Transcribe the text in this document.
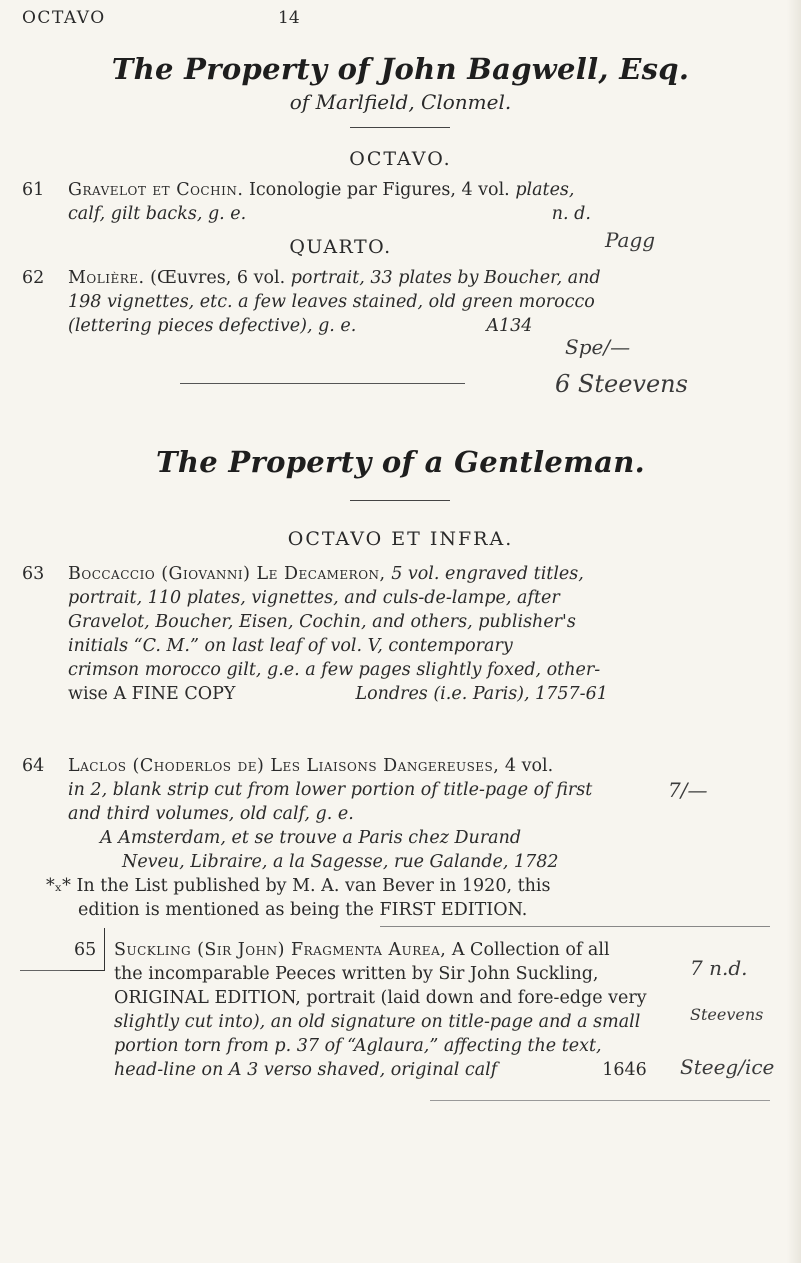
OCTAVO	14
The Property of John Bagwell, Esq.
of Marlfield, Clonmel.
OCTAVO.
61	Gravelot et Cochin. Iconologie par Figures, 4 vol. plates,
calf, gilt backs, g. e.	n. d.
QUARTO.	Pagg
62	Molière. (Œuvres, 6 vol. portrait, 33 plates by Boucher, and
198 vignettes, etc. a few leaves stained, old green morocco
(lettering pieces defective), g. e.	A134
Spe/—
6 Steevens
The Property of a Gentleman.
OCTAVO ET INFRA.
63	Boccaccio (Giovanni) Le Decameron, 5 vol. engraved titles,
portrait, 110 plates, vignettes, and culs-de-lampe, after
Gravelot, Boucher, Eisen, Cochin, and others, publisher's
initials “C. M.” on last leaf of vol. V, contemporary
crimson morocco gilt, g.e. a few pages slightly foxed, other-
wise A FINE COPY	Londres (i.e. Paris), 1757-61
64	Laclos (Choderlos de) Les Liaisons Dangereuses, 4 vol.
in 2, blank strip cut from lower portion of title-page of first
and third volumes, old calf, g. e.
A Amsterdam, et se trouve a Paris chez Durand
Neveu, Libraire, a la Sagesse, rue Galande, 1782
7/—
*ₓ* In the List published by M. A. van Bever in 1920, this
edition is mentioned as being the FIRST EDITION.
65	Suckling (Sir John) Fragmenta Aurea, A Collection of all
the incomparable Peeces written by Sir John Suckling,
ORIGINAL EDITION, portrait (laid down and fore-edge very
slightly cut into), an old signature on title-page and a small
portion torn from p. 37 of “Aglaura,” affecting the text,
head-line on A 3 verso shaved, original calf	1646
7 n.d.
Steeg/ice
Steevens
